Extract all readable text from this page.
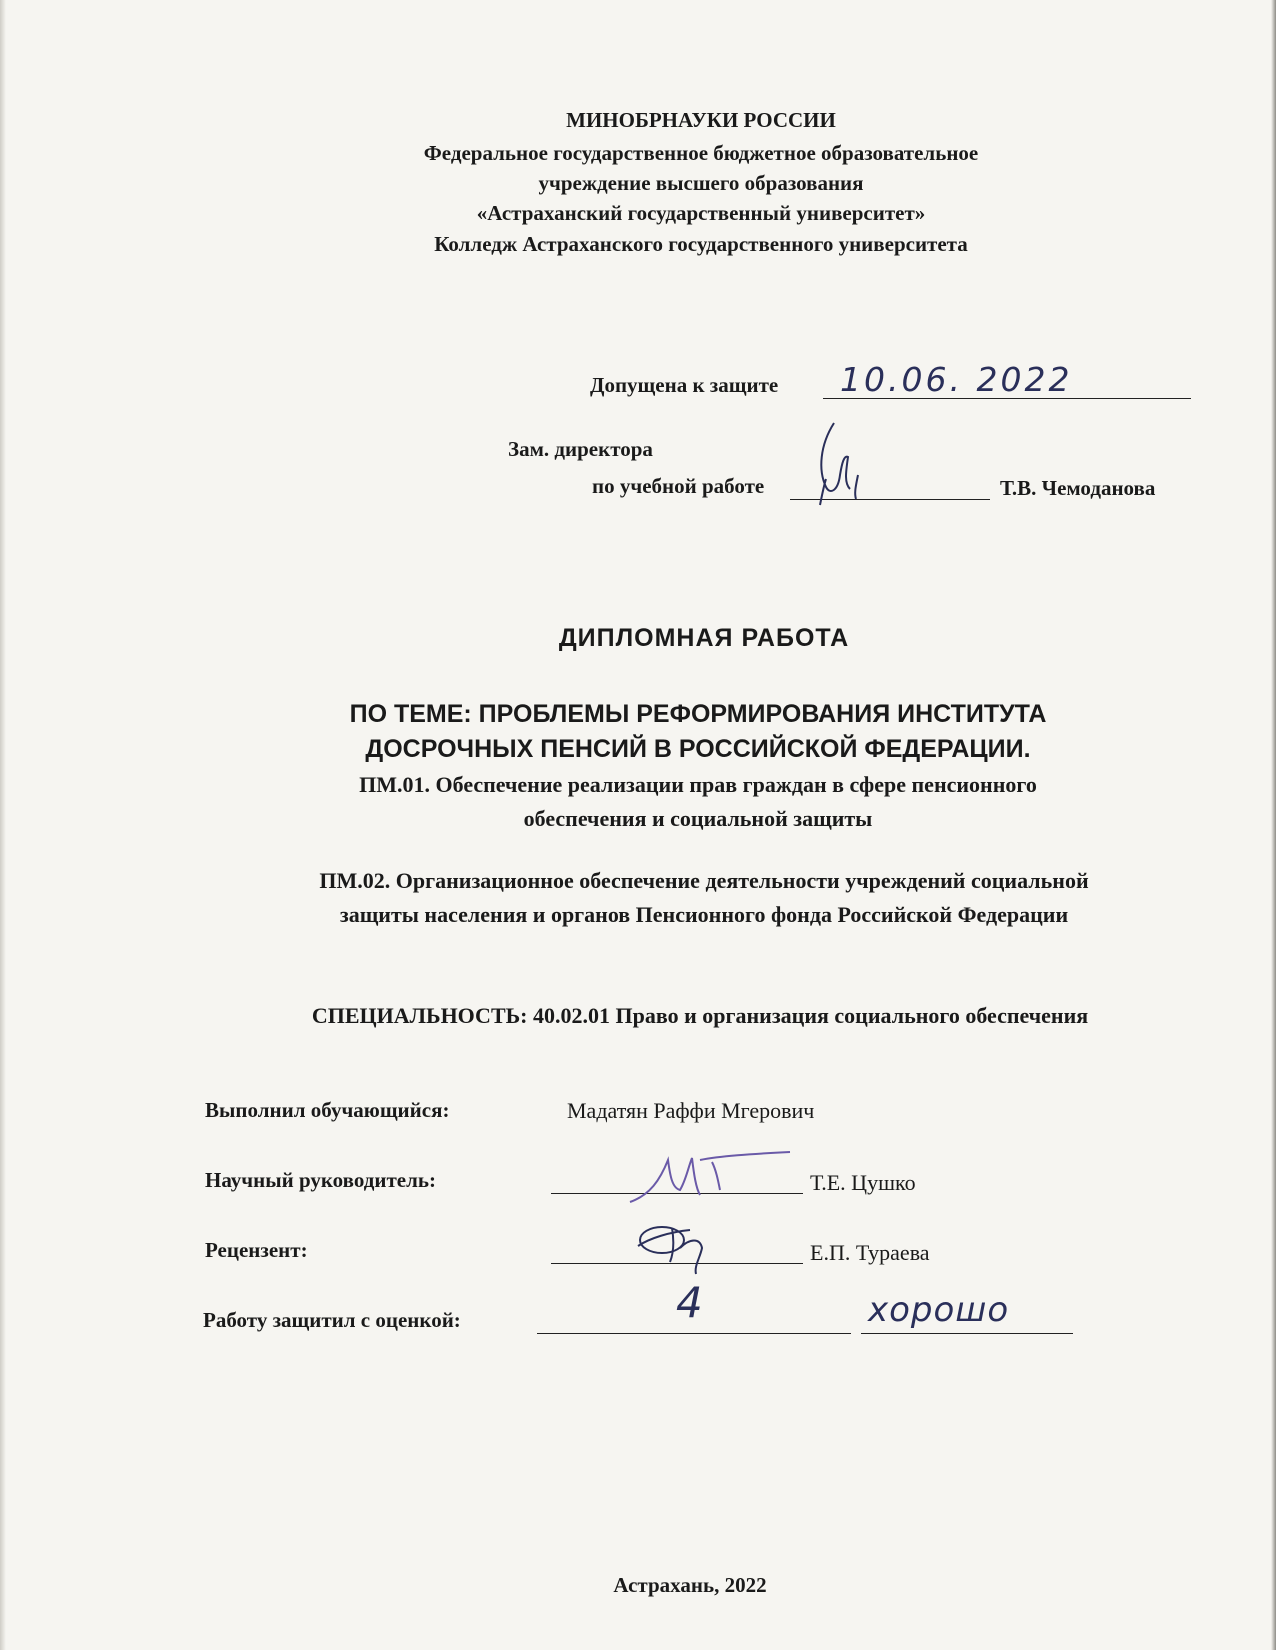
МИНОБРНАУКИ РОССИИ
Федеральное государственное бюджетное образовательное
учреждение высшего образования
«Астраханский государственный университет»
Колледж Астраханского государственного университета
Допущена к защите 10.06. 2022
Зам. директора
по учебной работе	Т.В. Чемоданова
ДИПЛОМНАЯ РАБОТА
ПО ТЕМЕ: ПРОБЛЕМЫ РЕФОРМИРОВАНИЯ ИНСТИТУТА
ДОСРОЧНЫХ ПЕНСИЙ В РОССИЙСКОЙ ФЕДЕРАЦИИ.
ПМ.01. Обеспечение реализации прав граждан в сфере пенсионного
обеспечения и социальной защиты
ПМ.02. Организационное обеспечение деятельности учреждений социальной
защиты населения и органов Пенсионного фонда Российской Федерации
СПЕЦИАЛЬНОСТЬ: 40.02.01 Право и организация социального обеспечения
Выполнил обучающийся:	Мадатян Раффи Мгерович
Научный руководитель:	Т.Е. Цушко
Рецензент:	Е.П. Тураева
Работу защитил с оценкой:	4	хорошо
Астрахань, 2022
